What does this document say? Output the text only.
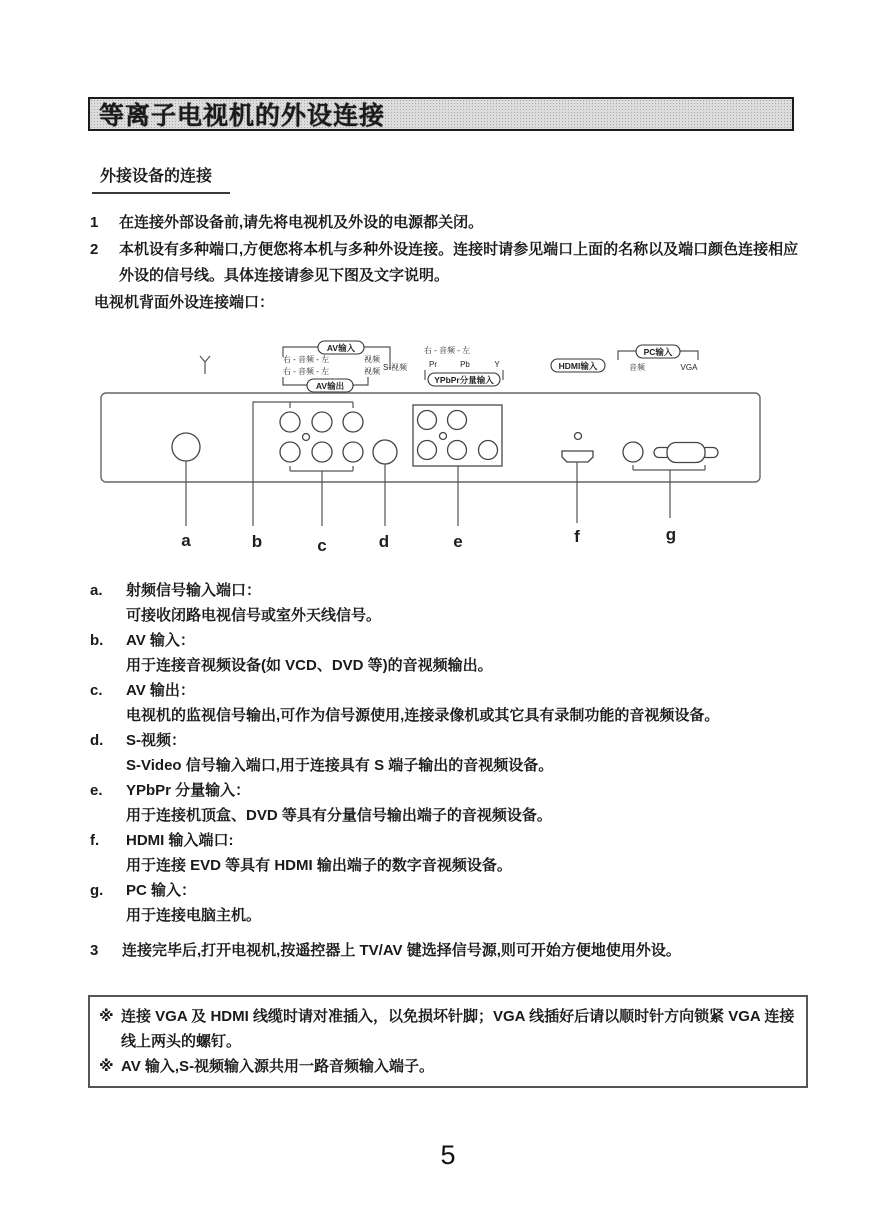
等离子电视机的外设连接
外接设备的连接
1	在连接外部设备前,请先将电视机及外设的电源都关闭。
2	本机设有多种端口,方便您将本机与多种外设连接。连接时请参见端口上面的名称以及端口颜色连接相应外设的信号线。具体连接请参见下图及文字说明。
电视机背面外设连接端口：
AV输入
右 - 音频 - 左	视频
右 - 音频 - 左	视频
AV输出
S-视频
右 - 音频 - 左
Pr	Pb	Y
YPbPr分量输入
HDMI输入
PC输入
音频	VGA
a	b	c	d	e	f	g
a.	射频信号输入端口：
可接收闭路电视信号或室外天线信号。
b.	AV 输入：
用于连接音视频设备(如 VCD、DVD 等)的音视频输出。
c.	AV 输出：
电视机的监视信号输出,可作为信号源使用,连接录像机或其它具有录制功能的音视频设备。
d.	S-视频：
S-Video 信号输入端口,用于连接具有 S 端子输出的音视频设备。
e.	YPbPr 分量输入：
用于连接机顶盒、DVD 等具有分量信号输出端子的音视频设备。
f.	HDMI 输入端口:
用于连接 EVD 等具有 HDMI 输出端子的数字音视频设备。
g.	PC 输入：
用于连接电脑主机。
3	连接完毕后,打开电视机,按遥控器上 TV/AV 键选择信号源,则可开始方便地使用外设。
※ 连接 VGA 及 HDMI 线缆时请对准插入，以免损坏针脚；VGA 线插好后请以顺时针方向锁紧 VGA 连接线上两头的螺钉。
※ AV 输入,S-视频输入源共用一路音频输入端子。
5
